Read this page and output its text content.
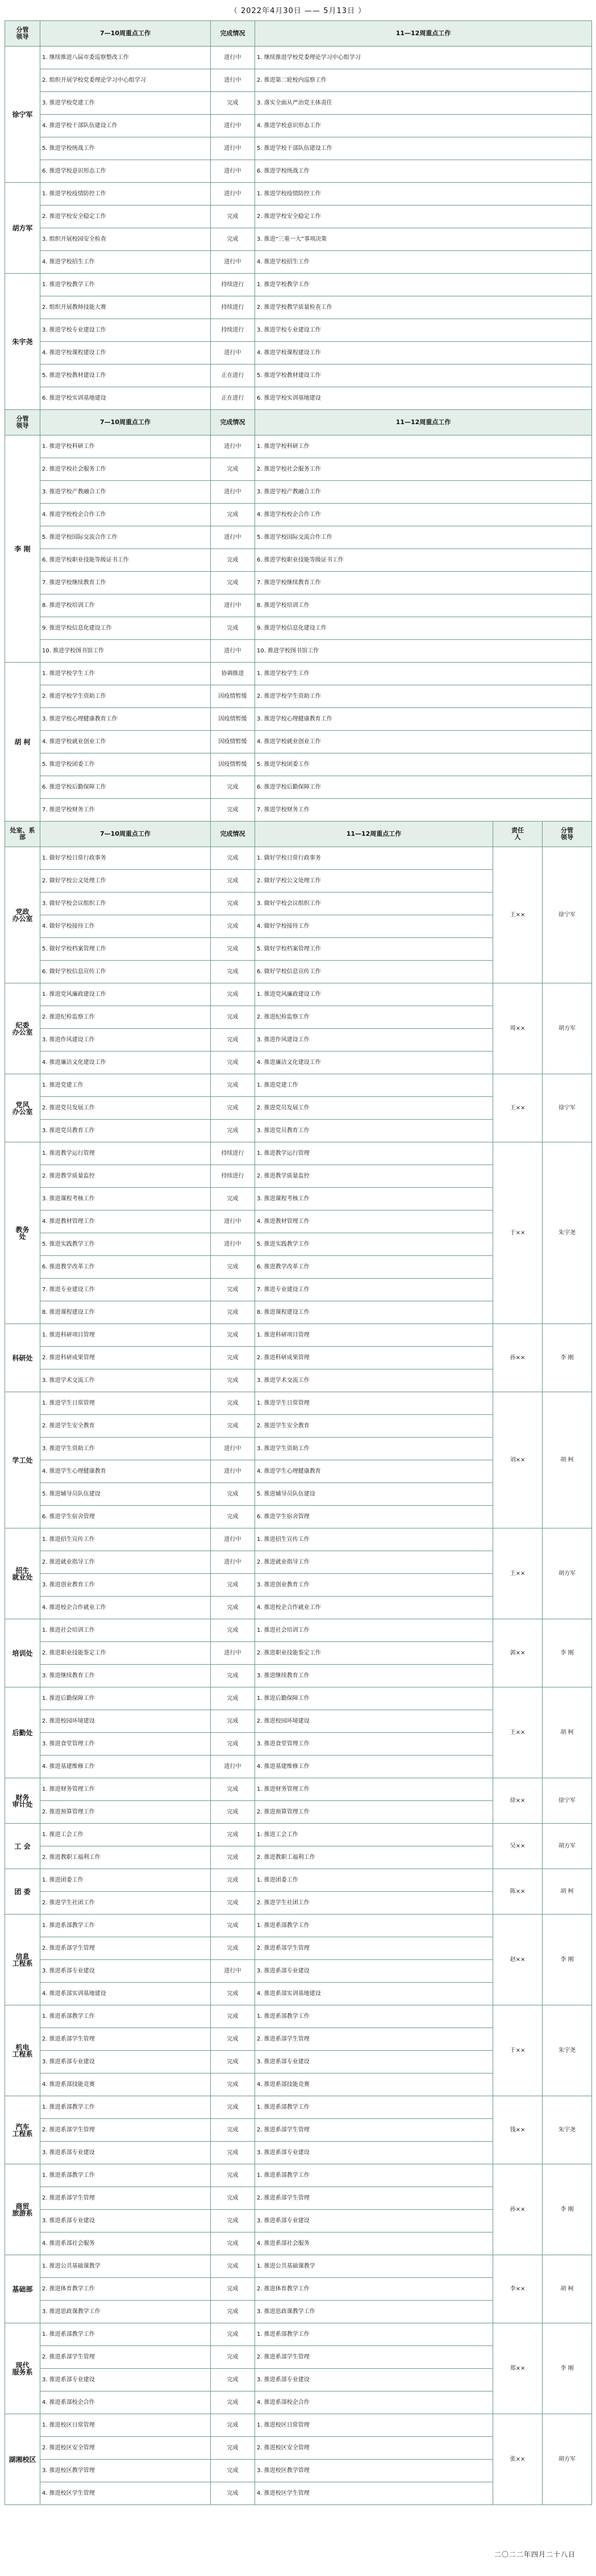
（ 2022年4月30日 —— 5月13日 ）
分管
领导	7—10周重点工作	完成情况	11—12周重点工作		
徐宁军	1. 继续推进八届市委巡察整改工作	进行中	1. 继续推进学校党委理论学习中心组学习		
	2. 组织开展学校党委理论学习中心组学习	进行中	2. 推进第二轮校内巡察工作		
	3. 推进学校党建工作	完成	3. 落实全面从严治党主体责任		
	4. 推进学校干部队伍建设工作	进行中	4. 推进学校意识形态工作		
	5. 推进学校统战工作	进行中	5. 推进学校干部队伍建设工作		
	6. 推进学校意识形态工作	进行中	6. 推进学校统战工作		
胡方军	1. 推进学校疫情防控工作	进行中	1. 推进学校疫情防控工作		
	2. 推进学校安全稳定工作	完成	2. 推进学校安全稳定工作		
	3. 组织开展校园安全检查	完成	3. 推进“三重一大”事项决策		
	4. 推进学校招生工作	进行中	4. 推进学校招生工作		
朱宇尧	1. 推进学校教学工作	持续进行	1. 推进学校教学工作		
	2. 组织开展教师技能大赛	持续进行	2. 推进学校教学质量检查工作		
	3. 推进学校专业建设工作	持续进行	3. 推进学校专业建设工作		
	4. 推进学校课程建设工作	进行中	4. 推进学校课程建设工作		
	5. 推进学校教材建设工作	正在进行	5. 推进学校教材建设工作		
	6. 推进学校实训基地建设	正在进行	6. 推进学校实训基地建设		
分管
领导	7—10周重点工作	完成情况	11—12周重点工作		
李 刚	1. 推进学校科研工作	进行中	1. 推进学校科研工作		
	2. 推进学校社会服务工作	完成	2. 推进学校社会服务工作		
	3. 推进学校产教融合工作	进行中	3. 推进学校产教融合工作		
	4. 推进学校校企合作工作	完成	4. 推进学校校企合作工作		
	5. 推进学校国际交流合作工作	进行中	5. 推进学校国际交流合作工作		
	6. 推进学校职业技能等级证书工作	完成	6. 推进学校职业技能等级证书工作		
	7. 推进学校继续教育工作	完成	7. 推进学校继续教育工作		
	8. 推进学校培训工作	进行中	8. 推进学校培训工作		
	9. 推进学校信息化建设工作	完成	9. 推进学校信息化建设工作		
	10. 推进学校图书馆工作	进行中	10. 推进学校图书馆工作		
胡 柯	1. 推进学校学生工作	协调推进	1. 推进学校学生工作		
	2. 推进学校学生资助工作	因疫情暂缓	2. 推进学校学生资助工作		
	3. 推进学校心理健康教育工作	因疫情暂缓	3. 推进学校心理健康教育工作		
	4. 推进学校就业创业工作	因疫情暂缓	4. 推进学校就业创业工作		
	5. 推进学校团委工作	因疫情暂缓	5. 推进学校团委工作		
	6. 推进学校后勤保障工作	完成	6. 推进学校后勤保障工作		
	7. 推进学校财务工作	完成	7. 推进学校财务工作		
处室、系
部	7—10周重点工作	完成情况	11—12周重点工作	责任
人	分管
领导
党政
办公室	1. 做好学校日常行政事务	完成	1. 做好学校日常行政事务	王××	徐宁军
	2. 做好学校公文处理工作	完成	2. 做好学校公文处理工作		
	3. 做好学校会议组织工作	完成	3. 做好学校会议组织工作		
	4. 做好学校接待工作	完成	4. 做好学校接待工作		
	5. 做好学校档案管理工作	完成	5. 做好学校档案管理工作		
	6. 做好学校信息宣传工作	完成	6. 做好学校信息宣传工作		
纪委
办公室	1. 推进党风廉政建设工作	完成	1. 推进党风廉政建设工作	周××	胡方军
	2. 推进纪检监察工作	完成	2. 推进纪检监察工作		
	3. 推进作风建设工作	完成	3. 推进作风建设工作		
	4. 推进廉洁文化建设工作	完成	4. 推进廉洁文化建设工作		
党风
办公室	1. 推进党建工作	完成	1. 推进党建工作	王××	徐宁军
	2. 推进党员发展工作	完成	2. 推进党员发展工作		
	3. 推进党员教育工作	完成	3. 推进党员教育工作		
教务
处	1. 推进教学运行管理	持续进行	1. 推进教学运行管理	于××	朱宇尧
	2. 推进教学质量监控	持续进行	2. 推进教学质量监控		
	3. 推进课程考核工作	完成	3. 推进课程考核工作		
	4. 推进教材管理工作	进行中	4. 推进教材管理工作		
	5. 推进实践教学工作	进行中	5. 推进实践教学工作		
	6. 推进教学改革工作	完成	6. 推进教学改革工作		
	7. 推进专业建设工作	完成	7. 推进专业建设工作		
	8. 推进课程建设工作	完成	8. 推进课程建设工作		
科研处	1. 推进科研项目管理	完成	1. 推进科研项目管理	孙××	李 刚
	2. 推进科研成果管理	完成	2. 推进科研成果管理		
	3. 推进学术交流工作	完成	3. 推进学术交流工作		
学工处	1. 推进学生日常管理	完成	1. 推进学生日常管理	刘××	胡 柯
	2. 推进学生安全教育	完成	2. 推进学生安全教育		
	3. 推进学生资助工作	进行中	3. 推进学生资助工作		
	4. 推进学生心理健康教育	进行中	4. 推进学生心理健康教育		
	5. 推进辅导员队伍建设	完成	5. 推进辅导员队伍建设		
	6. 推进学生宿舍管理	完成	6. 推进学生宿舍管理		
招生
就业处	1. 推进招生宣传工作	进行中	1. 推进招生宣传工作	王××	胡方军
	2. 推进就业指导工作	进行中	2. 推进就业指导工作		
	3. 推进创业教育工作	完成	3. 推进创业教育工作		
	4. 推进校企合作就业工作	完成	4. 推进校企合作就业工作		
培训处	1. 推进社会培训工作	完成	1. 推进社会培训工作	郭××	李 刚
	2. 推进职业技能鉴定工作	进行中	2. 推进职业技能鉴定工作		
	3. 推进继续教育工作	完成	3. 推进继续教育工作		
后勤处	1. 推进后勤保障工作	完成	1. 推进后勤保障工作	王××	胡 柯
	2. 推进校园环境建设	完成	2. 推进校园环境建设		
	3. 推进食堂管理工作	完成	3. 推进食堂管理工作		
	4. 推进基建维修工作	进行中	4. 推进基建维修工作		
财务
审计处	1. 推进财务管理工作	完成	1. 推进财务管理工作	徐××	徐宁军
	2. 推进预算管理工作	完成	2. 推进预算管理工作		
工 会	1. 推进工会工作	完成	1. 推进工会工作	吴××	胡方军
	2. 推进教职工福利工作	完成	2. 推进教职工福利工作		
团 委	1. 推进团委工作	完成	1. 推进团委工作	陈××	胡 柯
	2. 推进学生社团工作	完成	2. 推进学生社团工作		
信息
工程系	1. 推进系部教学工作	完成	1. 推进系部教学工作	赵××	李 刚
	2. 推进系部学生管理	完成	2. 推进系部学生管理		
	3. 推进系部专业建设	进行中	3. 推进系部专业建设		
	4. 推进系部实训基地建设	完成	4. 推进系部实训基地建设		
机电
工程系	1. 推进系部教学工作	完成	1. 推进系部教学工作	于××	朱宇尧
	2. 推进系部学生管理	完成	2. 推进系部学生管理		
	3. 推进系部专业建设	完成	3. 推进系部专业建设		
	4. 推进系部技能竞赛	完成	4. 推进系部技能竞赛		
汽车
工程系	1. 推进系部教学工作	完成	1. 推进系部教学工作	钱××	朱宇尧
	2. 推进系部学生管理	完成	2. 推进系部学生管理		
	3. 推进系部专业建设	完成	3. 推进系部专业建设		
商贸
旅游系	1. 推进系部教学工作	完成	1. 推进系部教学工作	孙××	李 刚
	2. 推进系部学生管理	完成	2. 推进系部学生管理		
	3. 推进系部专业建设	完成	3. 推进系部专业建设		
	4. 推进系部社会服务	完成	4. 推进系部社会服务		
基础部	1. 推进公共基础课教学	完成	1. 推进公共基础课教学	李××	胡 柯
	2. 推进体育教学工作	完成	2. 推进体育教学工作		
	3. 推进思政课教学工作	完成	3. 推进思政课教学工作		
现代
服务系	1. 推进系部教学工作	完成	1. 推进系部教学工作	郑××	李 刚
	2. 推进系部学生管理	完成	2. 推进系部学生管理		
	3. 推进系部专业建设	完成	3. 推进系部专业建设		
	4. 推进系部校企合作	完成	4. 推进系部校企合作		
湖湘校区	1. 推进校区日常管理	完成	1. 推进校区日常管理	张××	胡方军
	2. 推进校区安全管理	完成	2. 推进校区安全管理		
	3. 推进校区教学管理	完成	3. 推进校区教学管理		
	4. 推进校区学生管理	完成	4. 推进校区学生管理		
二〇二二年四月二十八日
